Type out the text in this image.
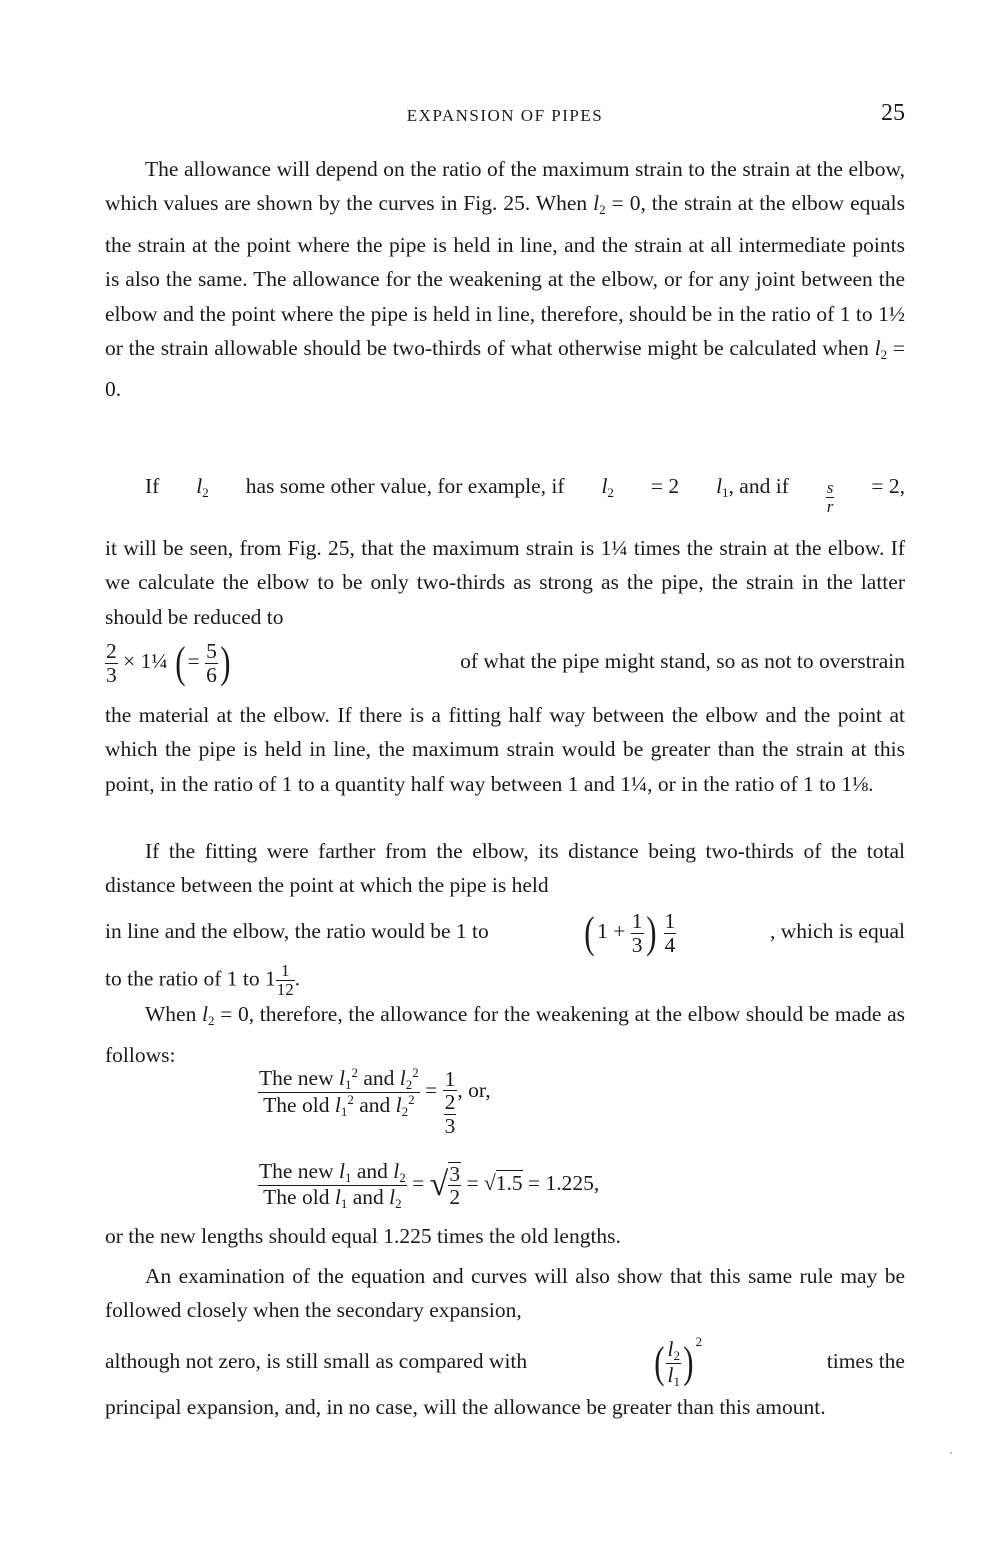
EXPANSION OF PIPES	25

The allowance will depend on the ratio of the maximum strain to the strain at the elbow, which values are shown by the curves in Fig. 25. When $l_2 = 0$, the strain at the elbow equals the strain at the point where the pipe is held in line, and the strain at all intermediate points is also the same. The allowance for the weakening at the elbow, or for any joint between the elbow and the point where the pipe is held in line, therefore, should be in the ratio of 1 to 1½ or the strain allowable should be two-thirds of what otherwise might be calculated when $l_2 = 0$.

If $l_2$ has some other value, for example, if $l_2 = 2$ $l_1$, and if $\frac{s}{r} = 2$,

it will be seen, from Fig. 25, that the maximum strain is 1¼ times the strain at the elbow. If we calculate the elbow to be only two-thirds as strong as the pipe, the strain in the latter should be reduced to

$\frac{2}{3}$ × 1¼ ( = $\frac{5}{6}$ )	of what the pipe might stand, so as not to overstrain

the material at the elbow. If there is a fitting half way between the elbow and the point at which the pipe is held in line, the maximum strain would be greater than the strain at this point, in the ratio of 1 to a quantity half way between 1 and 1¼, or in the ratio of 1 to 1⅛.

If the fitting were farther from the elbow, its distance being two-thirds of the total distance between the point at which the pipe is held

in line and the elbow, the ratio would be 1 to ( $1 + \frac{1}{3}$ ) $\frac{1}{4}$	, which is equal
to the ratio of 1 to $1 \frac{1}{12}$ .

When $l_2 = 0$, therefore, the allowance for the weakening at the elbow should be made as follows:

$\frac{The new l_1^2 and l_2^2}{The old l_1^2 and l_2^2} = \frac{1}{\frac{2}{3}}$ , or,
$\frac{The new l_1 and l_2}{The old l_1 and l_2}$ = √ $\frac{3}{2} = √1.5 = 1.225$,
or the new lengths should equal 1.225 times the old lengths.

An examination of the equation and curves will also show that this same rule may be followed closely when the secondary expansion,

although not zero, is still small as compared with	( $\frac{l_2}{l_1}$ ) $^2$
times the

principal expansion, and, in no case, will the allowance be greater than this amount.
